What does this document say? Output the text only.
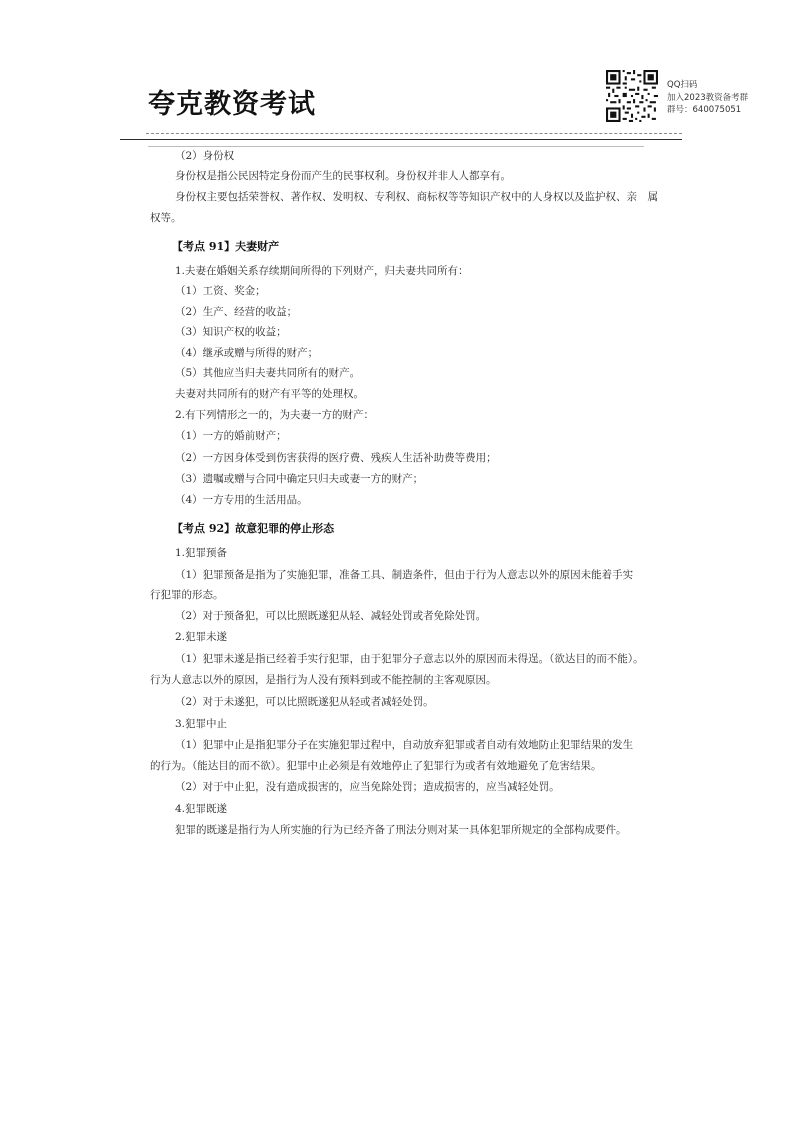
夸克教资考试
QQ扫码
加入2023教资备考群
群号：640075051
（2）身份权
身份权是指公民因特定身份而产生的民事权利。身份权并非人人都享有。
身份权主要包括荣誉权、著作权、发明权、专利权、商标权等等知识产权中的人身权以及监护权、亲　属
权等。
【考点 91】夫妻财产
1.夫妻在婚姻关系存续期间所得的下列财产，归夫妻共同所有：
（1）工资、奖金；
（2）生产、经营的收益；
（3）知识产权的收益；
（4）继承或赠与所得的财产；
（5）其他应当归夫妻共同所有的财产。
夫妻对共同所有的财产有平等的处理权。
2.有下列情形之一的，为夫妻一方的财产：
（1）一方的婚前财产；
（2）一方因身体受到伤害获得的医疗费、残疾人生活补助费等费用；
（3）遗嘱或赠与合同中确定只归夫或妻一方的财产；
（4）一方专用的生活用品。
【考点 92】故意犯罪的停止形态
1.犯罪预备
（1）犯罪预备是指为了实施犯罪，准备工具、制造条件，但由于行为人意志以外的原因未能着手实
行犯罪的形态。
（2）对于预备犯，可以比照既遂犯从轻、减轻处罚或者免除处罚。
2.犯罪未遂
（1）犯罪未遂是指已经着手实行犯罪，由于犯罪分子意志以外的原因而未得逞。（欲达目的而不能）。
行为人意志以外的原因，是指行为人没有预料到或不能控制的主客观原因。
（2）对于未遂犯，可以比照既遂犯从轻或者减轻处罚。
3.犯罪中止
（1）犯罪中止是指犯罪分子在实施犯罪过程中，自动放弃犯罪或者自动有效地防止犯罪结果的发生
的行为。（能达目的而不欲）。犯罪中止必须是有效地停止了犯罪行为或者有效地避免了危害结果。
（2）对于中止犯，没有造成损害的，应当免除处罚；造成损害的，应当减轻处罚。
4.犯罪既遂
犯罪的既遂是指行为人所实施的行为已经齐备了刑法分则对某一具体犯罪所规定的全部构成要件。
